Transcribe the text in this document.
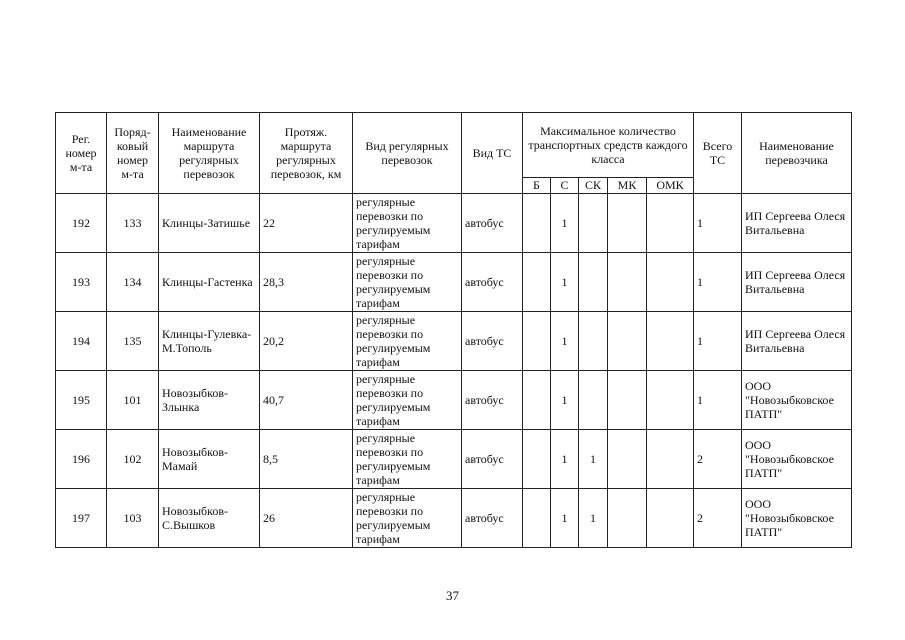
Рег. номер м-та	Поряд-ковый номер м-та	Наименование маршрута регулярных перевозок	Протяж. маршрута регулярных перевозок, км	Вид регулярных перевозок	Вид ТС	Максимальное количество транспортных средств каждого класса					Всего ТС	Наименование перевозчика
						Б	С	СК	МК	ОМК		
192	133	Клинцы-Затишье	22	регулярные перевозки по регулируемым тарифам	автобус		1				1	ИП Сергеева Олеся Витальевна
193	134	Клинцы-Гастенка	28,3	регулярные перевозки по регулируемым тарифам	автобус		1				1	ИП Сергеева Олеся Витальевна
194	135	Клинцы-Гулевка-М.Тополь	20,2	регулярные перевозки по регулируемым тарифам	автобус		1				1	ИП Сергеева Олеся Витальевна
195	101	Новозыбков-Злынка	40,7	регулярные перевозки по регулируемым тарифам	автобус		1				1	ООО "Новозыбковское ПАТП"
196	102	Новозыбков-Мамай	8,5	регулярные перевозки по регулируемым тарифам	автобус		1	1			2	ООО "Новозыбковское ПАТП"
197	103	Новозыбков-С.Вышков	26	регулярные перевозки по регулируемым тарифам	автобус		1	1			2	ООО "Новозыбковское ПАТП"
37
